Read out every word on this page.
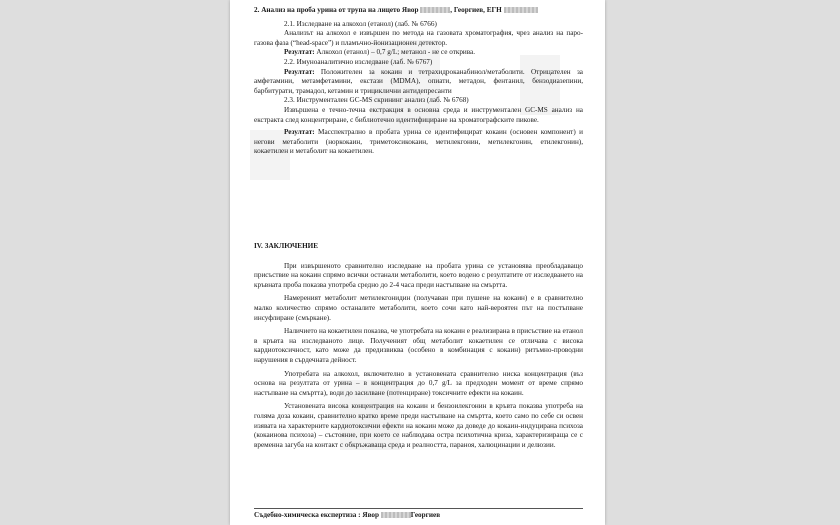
2. Анализ на проба урина от трупа на лицето Явор	, Георгиев, ЕГН

2.1. Изследване на алкохол (етанол) (лаб. № 6766)

Анализът на алкохол е извършен по метода на газовата хроматография, чрез анализ на паро-газова фаза (“head-space”) и пламъчно-йонизационен детектор.

Резултат: Алкохол (етанол) – 0,7 g/L; метанол - не се открива.

2.2. Имуноаналитично изследване (лаб. № 6767)

Резултат: Положителен за кокаин и тетрахидроканабинол/метаболити. Отрицателен за амфетамини, метамфетамини, екстази (MDMA), опиати, метадон, фентанил, бензодиазепини, барбитурати, трамадол, кетамин и трициклични антидепресанти

2.3. Инструментален GC-MS скрининг анализ (лаб. № 6768)

Извършена е течно-течна екстракция в основна среда и инструментален GC-MS анализ на екстракта след концентриране, с библиотечно идентифициране на хроматографските пикове.

Резултат: Масспектрално в пробата урина се идентифицират кокаин (основен компонент) и негови метаболити (норкокаин, триметоксикокаин, метилекгонин, метилекгонин, етилекгонин), кокаетилен и метаболит на кокаетилен.

IV. ЗАКЛЮЧЕНИЕ

При извършеното сравнително изследване на пробата урина се установява преобладаващо присъствие на кокаин спрямо всички останали метаболити, което водено с резултатите от изследването на кръвната проба показва употреба средно до 2-4 часа преди настъпване на смъртта.

Намереният метаболит метилекгонидин (получаван при пушене на кокаин) е в сравнително малко количество спрямо останалите метаболити, което сочи като най-вероятен път на постъпване инсуфлиране (смъркане).

Наличието на кокаетилен показва, че употребата на кокаин е реализирана в присъствие на етанол в кръвта на изследваното лице. Полученият общ метаболит кокаетилен се отличава с висока кардиотоксичност, като може да предизвиква (особено в комбинация с кокаин) ритъмно-проводни нарушения в сърдечната дейност.

Употребата на алкохол, включително в установената сравнително ниска концентрация (въз основа на резултата от урина – в концентрация до 0,7 g/L за предходен момент от време спрямо настъпване на смъртта), води до засилване (потенциране) токсичните ефекти на кокаин.

Установената висока концентрация на кокаин и бензоилекгонин в кръвта показва употреба на голяма доза кокаин, сравнително кратко време преди настъпване на смъртта, което само по себе си освен изявата на характерните кардиотоксични ефекти на кокаин може да доведе до кокаин-индуцирана психоза (кокаинова психоза) – състояние, при което се наблюдава остра психотична криза, характеризираща се с временна загуба на контакт с обкръжаваща среда и реалността, параноя, халюцинации и делюзии.

Съдебно-химическа експертиза : Явор	Георгиев
